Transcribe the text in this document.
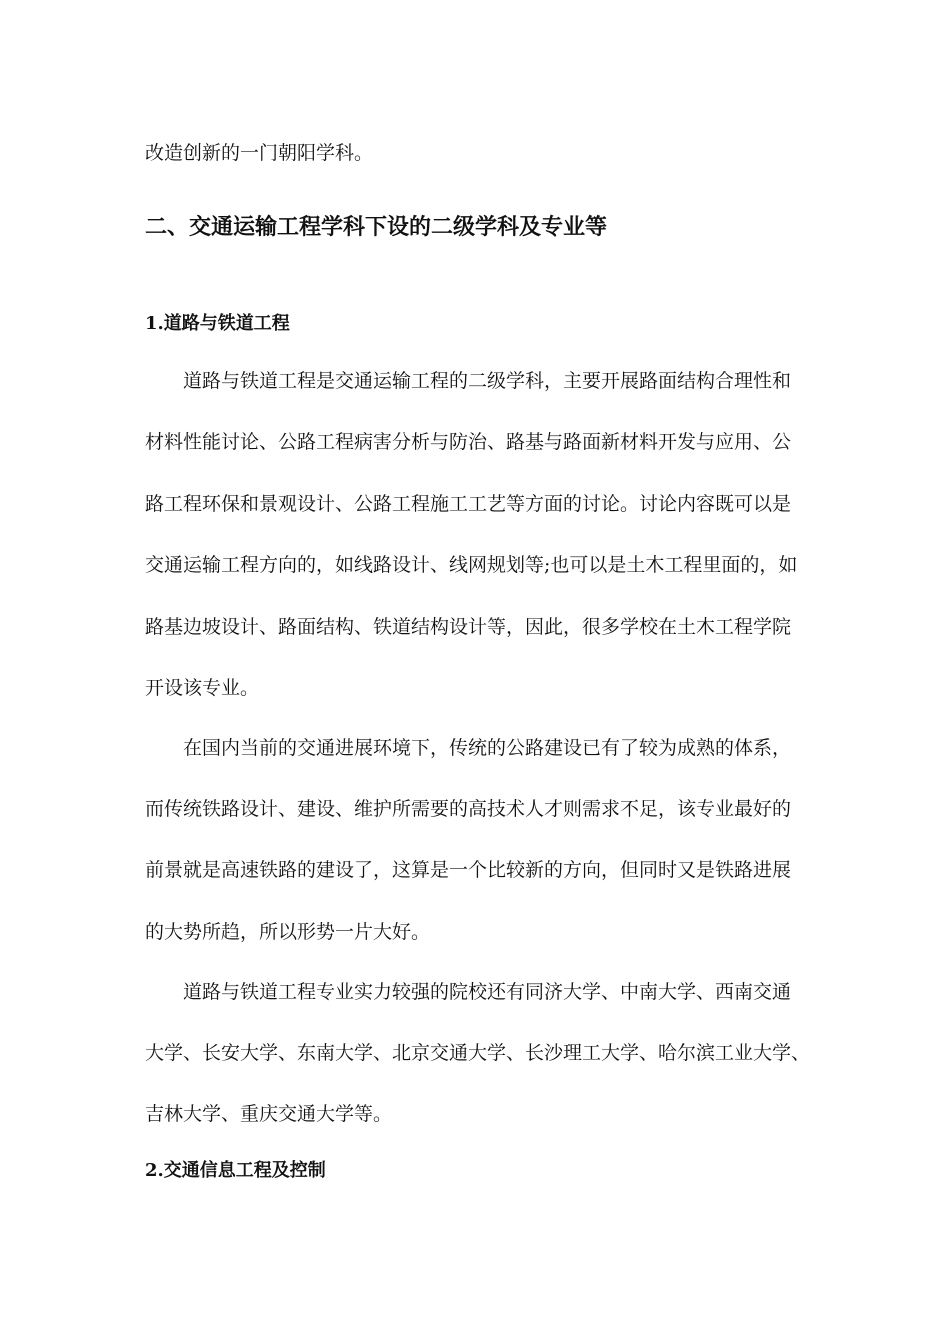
改造创新的一门朝阳学科。
二、交通运输工程学科下设的二级学科及专业等
1.道路与铁道工程
道路与铁道工程是交通运输工程的二级学科，主要开展路面结构合理性和
材料性能讨论、公路工程病害分析与防治、路基与路面新材料开发与应用、公
路工程环保和景观设计、公路工程施工工艺等方面的讨论。讨论内容既可以是
交通运输工程方向的，如线路设计、线网规划等;也可以是土木工程里面的，如
路基边坡设计、路面结构、铁道结构设计等，因此，很多学校在土木工程学院
开设该专业。
在国内当前的交通进展环境下，传统的公路建设已有了较为成熟的体系，
而传统铁路设计、建设、维护所需要的高技术人才则需求不足，该专业最好的
前景就是高速铁路的建设了，这算是一个比较新的方向，但同时又是铁路进展
的大势所趋，所以形势一片大好。
道路与铁道工程专业实力较强的院校还有同济大学、中南大学、西南交通
大学、长安大学、东南大学、北京交通大学、长沙理工大学、哈尔滨工业大学、
吉林大学、重庆交通大学等。
2.交通信息工程及控制
